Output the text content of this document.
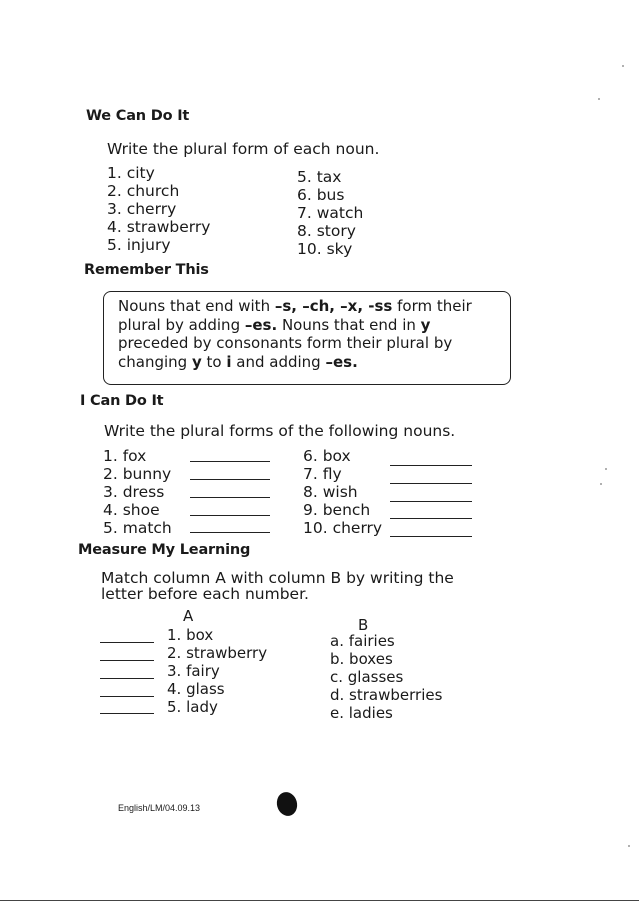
We Can Do It
Write the plural form of each noun.
1. city
2. church
3. cherry
4. strawberry
5. injury
5. tax
6. bus
7. watch
8. story
10. sky
Remember This
Nouns that end with –s, –ch, –x, -ss form their
plural by adding –es. Nouns that end in y
preceded by consonants form their plural by
changing y to i and adding –es.
I Can Do It
Write the plural forms of the following nouns.
1. fox
2. bunny
3. dress
4. shoe
5. match
6. box
7. fly
8. wish
9. bench
10. cherry
Measure My Learning
Match column A with column B by writing the
letter before each number.
A	B
1. box
2. strawberry
3. fairy
4. glass
5. lady
a. fairies
b. boxes
c. glasses
d. strawberries
e. ladies
English/LM/04.09.13
